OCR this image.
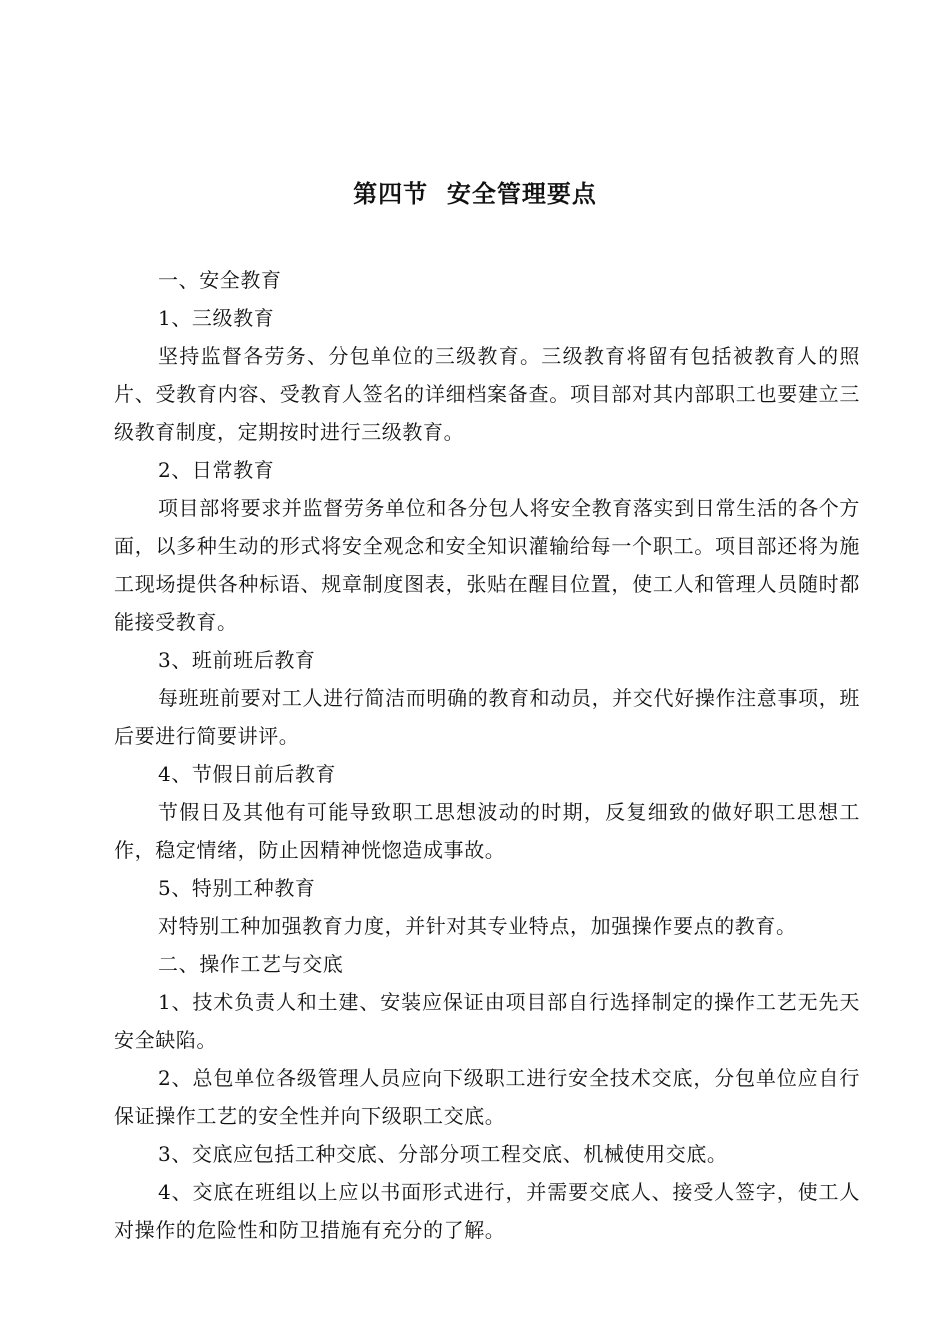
第四节  安全管理要点

一、安全教育

1、三级教育

坚持监督各劳务、分包单位的三级教育。三级教育将留有包括被教育人的照片、受教育内容、受教育人签名的详细档案备查。项目部对其内部职工也要建立三级教育制度，定期按时进行三级教育。

2、日常教育

项目部将要求并监督劳务单位和各分包人将安全教育落实到日常生活的各个方面，以多种生动的形式将安全观念和安全知识灌输给每一个职工。项目部还将为施工现场提供各种标语、规章制度图表，张贴在醒目位置，使工人和管理人员随时都能接受教育。

3、班前班后教育

每班班前要对工人进行简洁而明确的教育和动员，并交代好操作注意事项，班后要进行简要讲评。

4、节假日前后教育

节假日及其他有可能导致职工思想波动的时期，反复细致的做好职工思想工作，稳定情绪，防止因精神恍惚造成事故。

5、特别工种教育

对特别工种加强教育力度，并针对其专业特点，加强操作要点的教育。

二、操作工艺与交底

1、技术负责人和土建、安装应保证由项目部自行选择制定的操作工艺无先天安全缺陷。

2、总包单位各级管理人员应向下级职工进行安全技术交底，分包单位应自行保证操作工艺的安全性并向下级职工交底。

3、交底应包括工种交底、分部分项工程交底、机械使用交底。

4、交底在班组以上应以书面形式进行，并需要交底人、接受人签字，使工人对操作的危险性和防卫措施有充分的了解。
